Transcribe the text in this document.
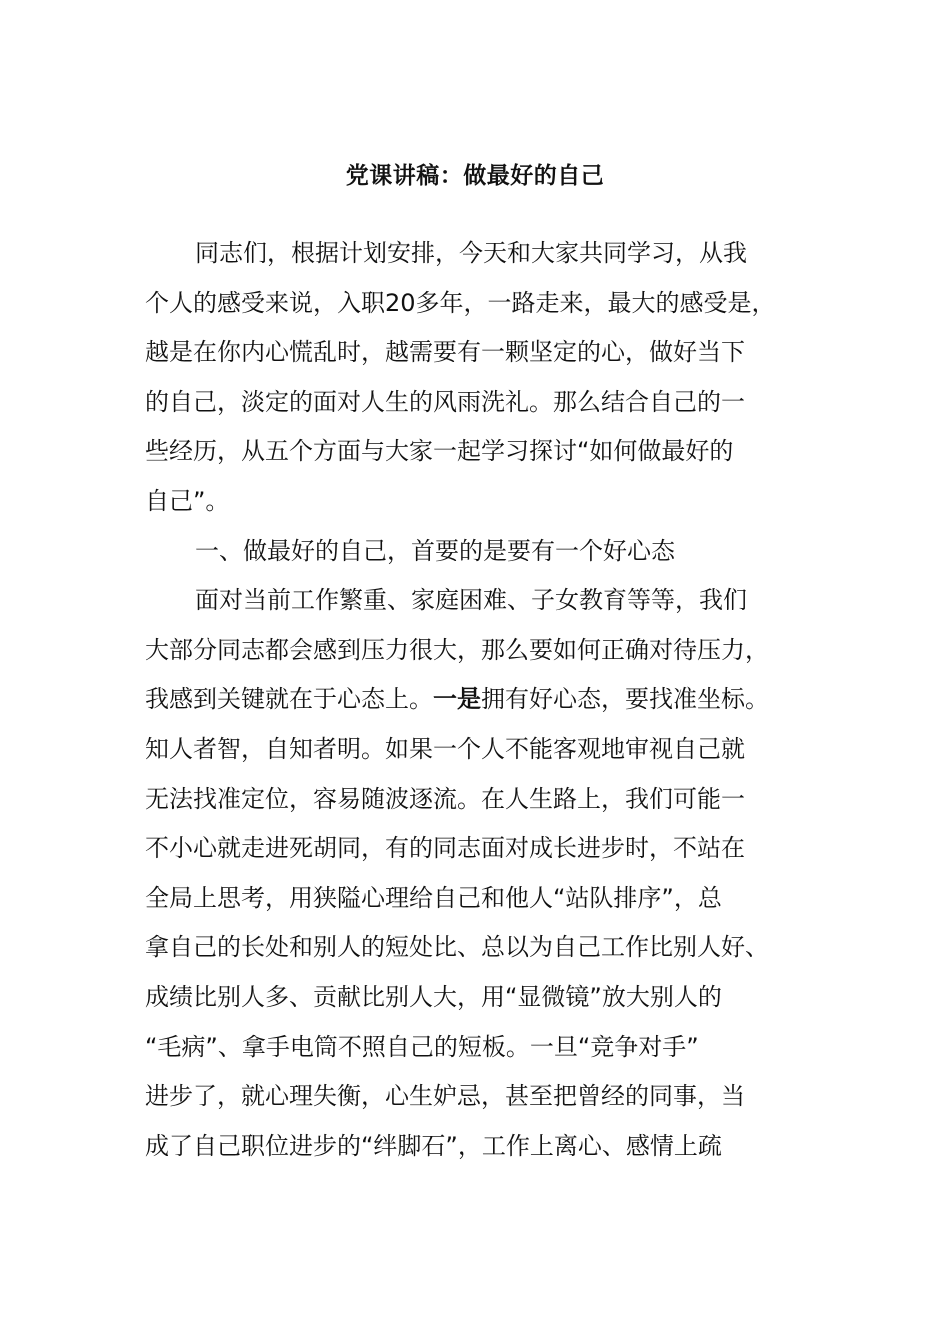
党课讲稿：做最好的自己
同志们，根据计划安排，今天和大家共同学习，从我
个人的感受来说，入职20多年，一路走来，最大的感受是，
越是在你内心慌乱时，越需要有一颗坚定的心，做好当下
的自己，淡定的面对人生的风雨洗礼。那么结合自己的一
些经历，从五个方面与大家一起学习探讨“如何做最好的
自己”。
一、做最好的自己，首要的是要有一个好心态
面对当前工作繁重、家庭困难、子女教育等等，我们
大部分同志都会感到压力很大，那么要如何正确对待压力，
我感到关键就在于心态上。一是拥有好心态，要找准坐标。
知人者智，自知者明。如果一个人不能客观地审视自己就
无法找准定位，容易随波逐流。在人生路上，我们可能一
不小心就走进死胡同，有的同志面对成长进步时，不站在
全局上思考，用狭隘心理给自己和他人“站队排序”，总
拿自己的长处和别人的短处比、总以为自己工作比别人好、
成绩比别人多、贡献比别人大，用“显微镜”放大别人的
“毛病”、拿手电筒不照自己的短板。一旦“竞争对手”
进步了，就心理失衡，心生妒忌，甚至把曾经的同事，当
成了自己职位进步的“绊脚石”，工作上离心、感情上疏
